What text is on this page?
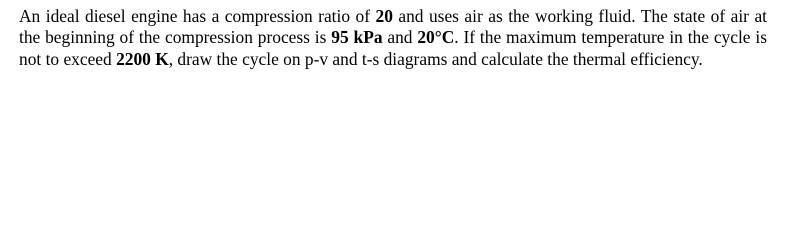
An ideal diesel engine has a compression ratio of 20 and uses air as the working fluid. The state of air at the beginning of the compression process is 95 kPa and 20°C. If the maximum temperature in the cycle is not to exceed 2200 K, draw the cycle on p-v and t-s diagrams and calculate the thermal efficiency.
